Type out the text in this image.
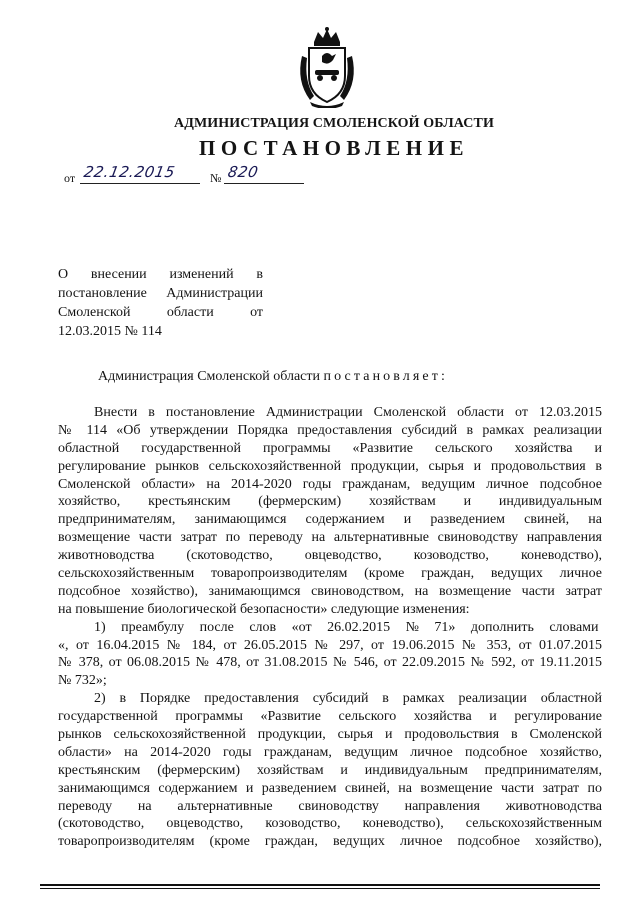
АДМИНИСТРАЦИЯ СМОЛЕНСКОЙ ОБЛАСТИ
ПОСТАНОВЛЕНИЕ
от 22.12.2015	№ 820
О внесении изменений в
постановление Администрации
Смоленской области от
12.03.2015 № 114
Администрация Смоленской области постановляет:
Внести в постановление Администрации Смоленской области от 12.03.2015
№ 114 «Об утверждении Порядка предоставления субсидий в рамках реализации
областной государственной программы «Развитие сельского хозяйства и
регулирование рынков сельскохозяйственной продукции, сырья и продовольствия в
Смоленской области» на 2014-2020 годы гражданам, ведущим личное подсобное
хозяйство, крестьянским (фермерским) хозяйствам и индивидуальным
предпринимателям, занимающимся содержанием и разведением свиней, на
возмещение части затрат по переводу на альтернативные свиноводству направления
животноводства (скотоводство, овцеводство, козоводство, коневодство),
сельскохозяйственным товаропроизводителям (кроме граждан, ведущих личное
подсобное хозяйство), занимающимся свиноводством, на возмещение части затрат
на повышение биологической безопасности» следующие изменения:
1) преамбулу после слов «от 26.02.2015 № 71» дополнить словами
«, от 16.04.2015 № 184, от 26.05.2015 № 297, от 19.06.2015 № 353, от 01.07.2015
№ 378, от 06.08.2015 № 478, от 31.08.2015 № 546, от 22.09.2015 № 592, от 19.11.2015
№ 732»;
2) в Порядке предоставления субсидий в рамках реализации областной
государственной программы «Развитие сельского хозяйства и регулирование
рынков сельскохозяйственной продукции, сырья и продовольствия в Смоленской
области» на 2014-2020 годы гражданам, ведущим личное подсобное хозяйство,
крестьянским (фермерским) хозяйствам и индивидуальным предпринимателям,
занимающимся содержанием и разведением свиней, на возмещение части затрат по
переводу на альтернативные свиноводству направления животноводства
(скотоводство, овцеводство, козоводство, коневодство), сельскохозяйственным
товаропроизводителям (кроме граждан, ведущих личное подсобное хозяйство),
